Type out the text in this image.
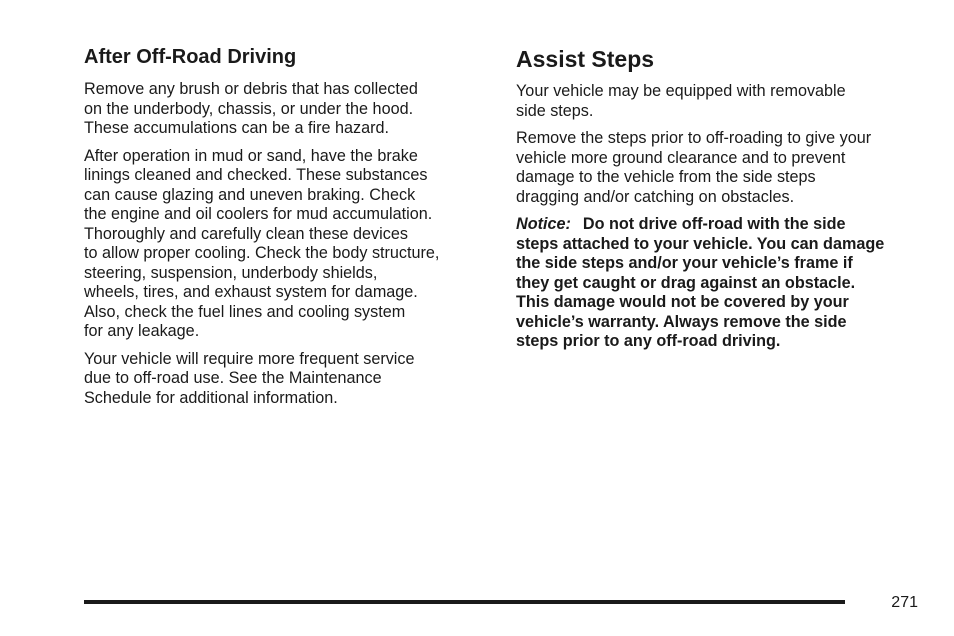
After Off-Road Driving

Remove any brush or debris that has collected
on the underbody, chassis, or under the hood.
These accumulations can be a fire hazard.

After operation in mud or sand, have the brake
linings cleaned and checked. These substances
can cause glazing and uneven braking. Check
the engine and oil coolers for mud accumulation.
Thoroughly and carefully clean these devices
to allow proper cooling. Check the body structure,
steering, suspension, underbody shields,
wheels, tires, and exhaust system for damage.
Also, check the fuel lines and cooling system
for any leakage.

Your vehicle will require more frequent service
due to off-road use. See the Maintenance
Schedule for additional information.

Assist Steps

Your vehicle may be equipped with removable
side steps.

Remove the steps prior to off-roading to give your
vehicle more ground clearance and to prevent
damage to the vehicle from the side steps
dragging and/or catching on obstacles.

Notice: Do not drive off-road with the side
steps attached to your vehicle. You can damage
the side steps and/or your vehicle’s frame if
they get caught or drag against an obstacle.
This damage would not be covered by your
vehicle’s warranty. Always remove the side
steps prior to any off-road driving.

271
